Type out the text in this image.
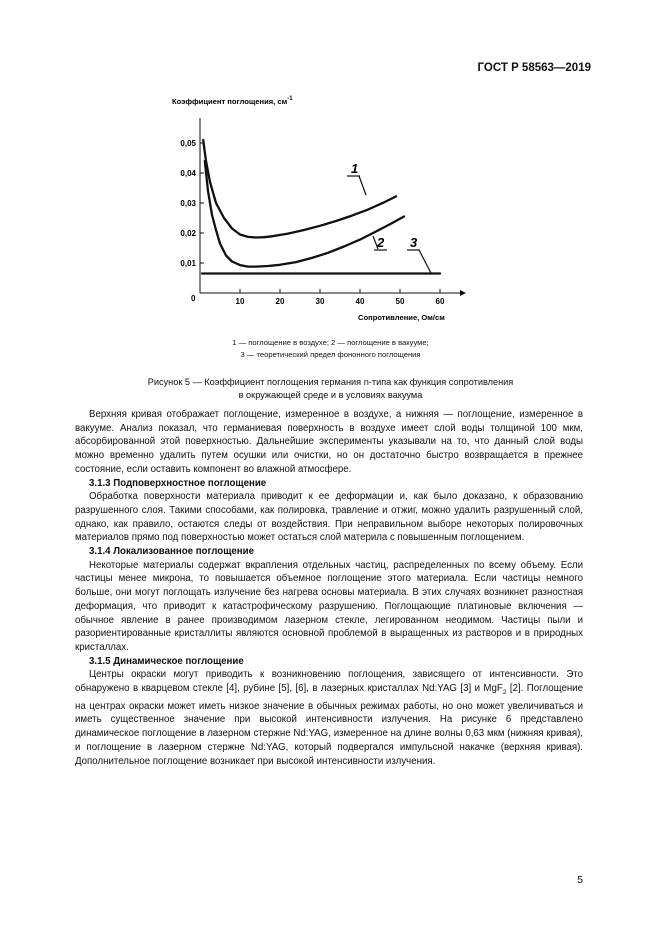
ГОСТ Р 58563—2019
Коэффициент поглощения, $см^{-1}$
0,01
0,02
0,03
0,04
0,05
10	20	30	40	50	60
0
1
2 3
Сопротивление, Ом/см
1 — поглощение в воздухе; 2 — поглощение в вакууме;
3 — теоретический предел фононного поглощения
Рисунок 5 — Коэффициент поглощения германия n-типа как функция сопротивления
в окружающей среде и в условиях вакуума

Верхняя кривая отображает поглощение, измеренное в воздухе, а нижняя — поглощение, измеренное в вакууме. Анализ показал, что германиевая поверхность в воздухе имеет слой воды толщиной 100 мкм, абсорбированной этой поверхностью. Дальнейшие эксперименты указывали на то, что данный слой воды можно временно удалить путем осушки или очистки, но он достаточно быстро возвращается в прежнее состояние, если оставить компонент во влажной атмосфере.

3.1.3 Подповерхностное поглощение

Обработка поверхности материала приводит к ее деформации и, как было доказано, к образованию разрушенного слоя. Такими способами, как полировка, травление и отжиг, можно удалить разрушенный слой, однако, как правило, остаются следы от воздействия. При неправильном выборе некоторых полировочных материалов прямо под поверхностью может остаться слой материла с повышенным поглощением.

3.1.4 Локализованное поглощение

Некоторые материалы содержат вкрапления отдельных частиц, распределенных по всему объему. Если частицы менее микрона, то повышается объемное поглощение этого материала. Если частицы немного больше, они могут поглощать излучение без нагрева основы материала. В этих случаях возникнет разностная деформация, что приводит к катастрофическому разрушению. Поглощающие платиновые включения — обычное явление в ранее производимом лазерном стекле, легированном неодимом. Частицы пыли и разориентированные кристаллиты являются основной проблемой в выращенных из растворов и в природных кристаллах.

3.1.5 Динамическое поглощение

Центры окраски могут приводить к возникновению поглощения, зависящего от интенсивности. Это обнаружено в кварцевом стекле [4], рубине [5], [6], в лазерных кристаллах Nd:YAG [3] и MgF$_2$ [2]. Поглощение на центрах окраски может иметь низкое значение в обычных режимах работы, но оно может увеличиваться и иметь существенное значение при высокой интенсивности излучения. На рисунке 6 представлено динамическое поглощение в лазерном стержне Nd:YAG, измеренное на длине волны 0,63 мкм (нижняя кривая), и поглощение в лазерном стержне Nd:YAG, который подвергался импульсной накачке (верхняя кривая). Дополнительное поглощение возникает при высокой интенсивности излучения.

5
